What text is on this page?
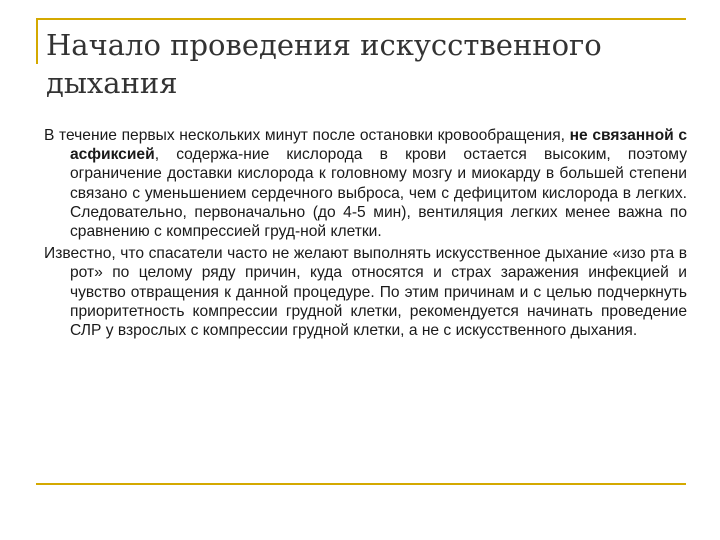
Начало проведения искусственного дыхания

В течение первых нескольких минут после остановки кровообращения, не связанной с асфиксией, содержа-ние кислорода в крови остается высоким, поэтому ограничение доставки кислорода к головному мозгу и миокарду в большей степени связано с уменьшением сердечного выброса, чем с дефицитом кислорода в легких. Следовательно, первоначально (до 4-5 мин), вентиляция легких менее важна по сравнению с компрессией груд-ной клетки.

Известно, что спасатели часто не желают выполнять искусственное дыхание «изо рта в рот» по целому ряду причин, куда относятся и страх заражения инфекцией и чувство отвращения к данной процедуре. По этим причинам и с целью подчеркнуть приоритетность компрессии грудной клетки, рекомендуется начинать проведение СЛР у взрослых с компрессии грудной клетки, а не с искусственного дыхания.
